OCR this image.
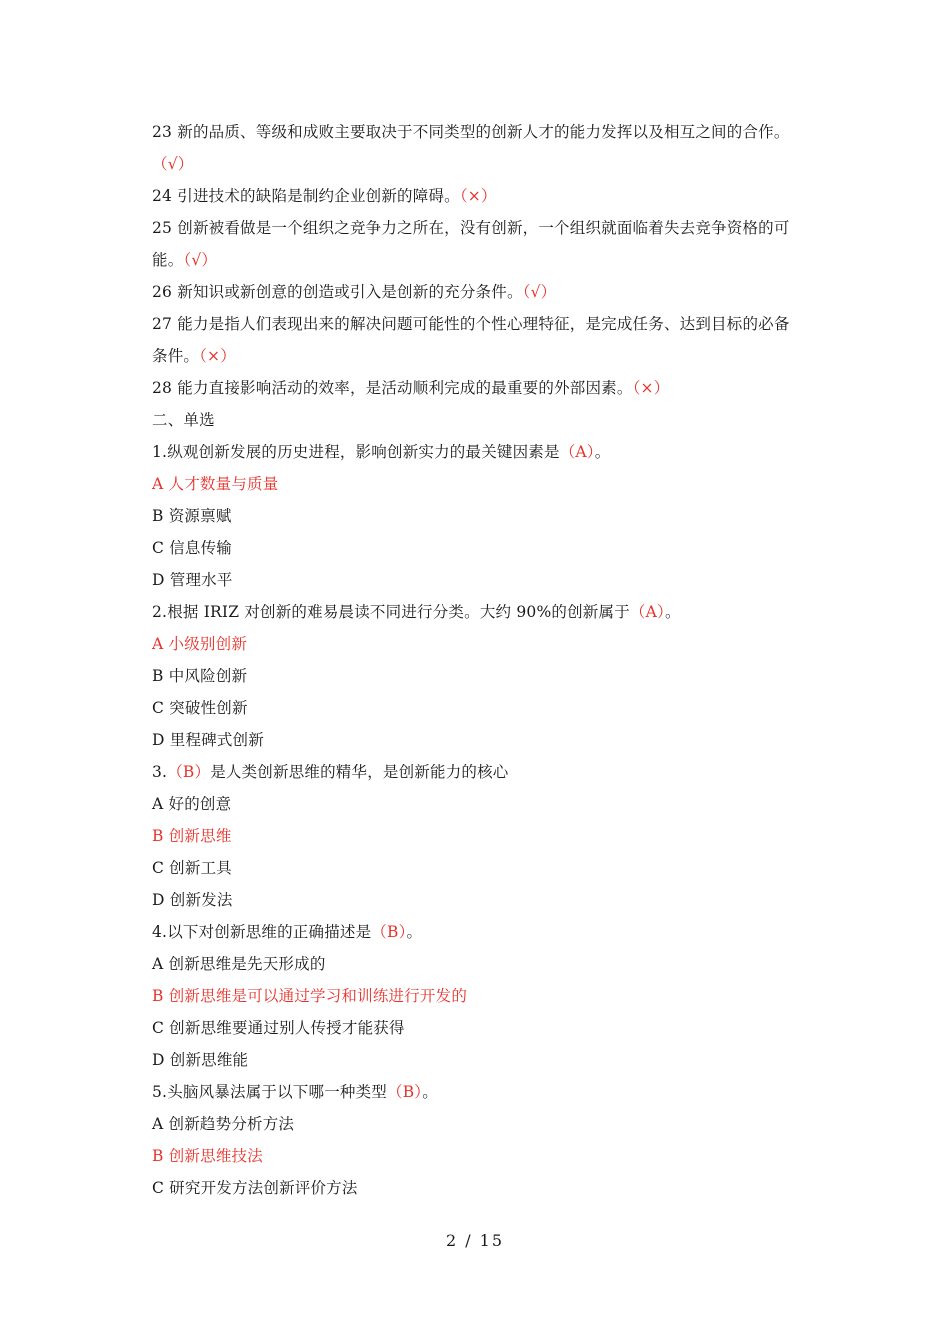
23 新的品质、等级和成败主要取决于不同类型的创新人才的能力发挥以及相互之间的合作。
（√）
24 引进技术的缺陷是制约企业创新的障碍。（×）
25 创新被看做是一个组织之竞争力之所在，没有创新，一个组织就面临着失去竞争资格的可
能。（√）
26 新知识或新创意的创造或引入是创新的充分条件。（√）
27 能力是指人们表现出来的解决问题可能性的个性心理特征，是完成任务、达到目标的必备
条件。（×）
28 能力直接影响活动的效率，是活动顺利完成的最重要的外部因素。（×）
二、单选
1.纵观创新发展的历史进程，影响创新实力的最关键因素是（A）。
A 人才数量与质量
B 资源禀赋
C 信息传输
D 管理水平
2.根据 IRIZ 对创新的难易晨读不同进行分类。大约 90%的创新属于（A）。
A 小级别创新
B 中风险创新
C 突破性创新
D 里程碑式创新
3.（B）是人类创新思维的精华，是创新能力的核心
A 好的创意
B 创新思维
C 创新工具
D 创新发法
4.以下对创新思维的正确描述是（B）。
A 创新思维是先天形成的
B 创新思维是可以通过学习和训练进行开发的
C 创新思维要通过别人传授才能获得
D 创新思维能
5.头脑风暴法属于以下哪一种类型（B）。
A 创新趋势分析方法
B 创新思维技法
C 研究开发方法创新评价方法
2 / 15
